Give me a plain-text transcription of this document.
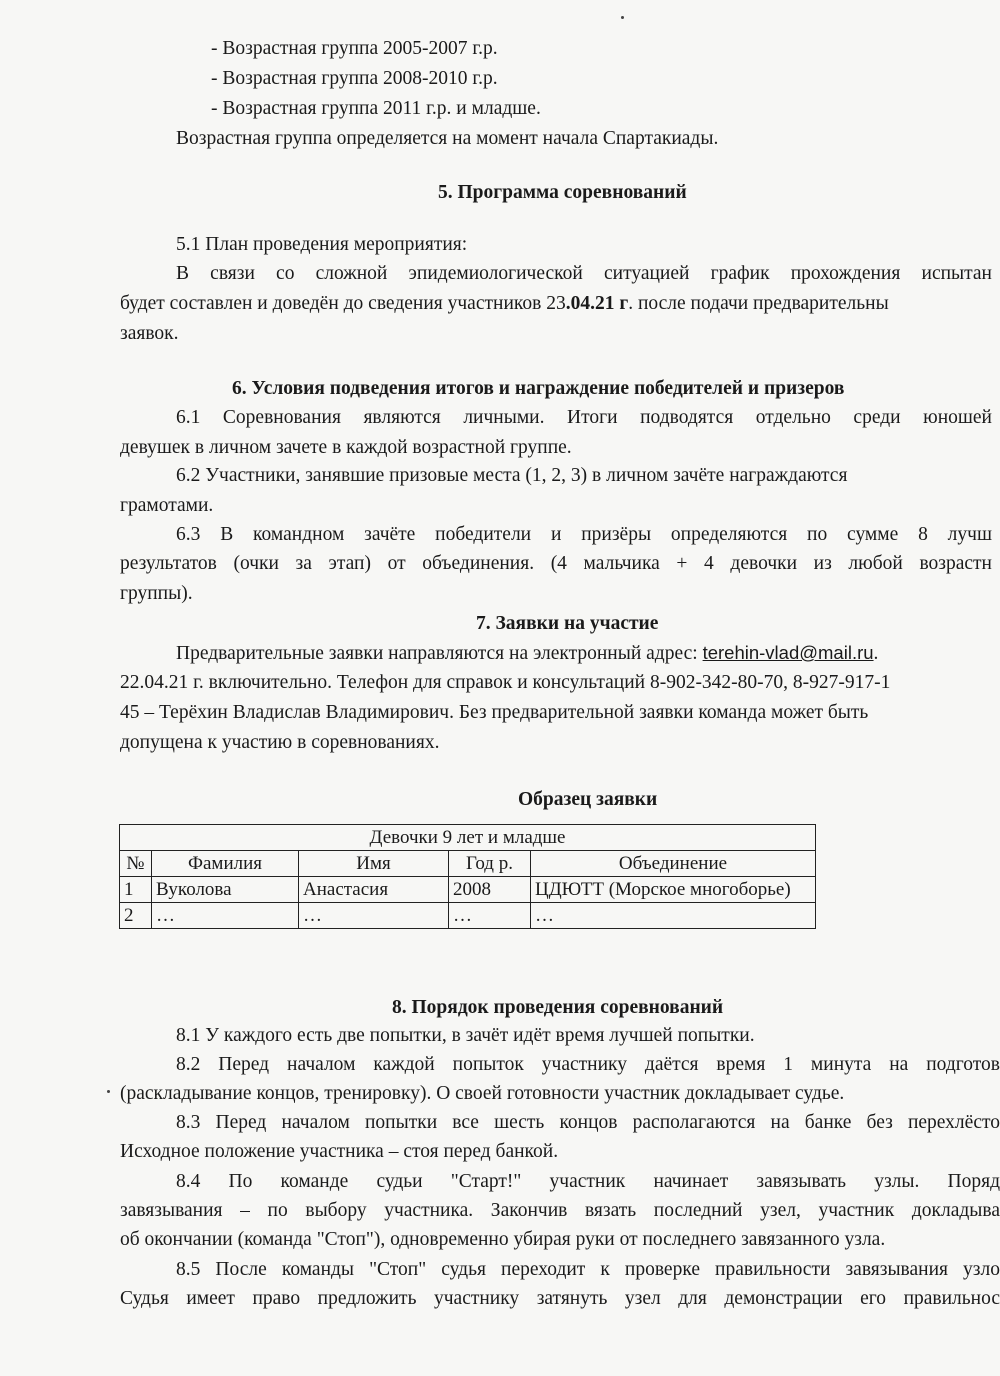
- Возрастная группа 2005-2007 г.р.
- Возрастная группа 2008-2010 г.р.
- Возрастная группа 2011 г.р. и младше.
Возрастная группа определяется на момент начала Спартакиады.
5. Программа соревнований
5.1 План проведения мероприятия:
В связи со сложной эпидемиологической ситуацией график прохождения испытан
будет составлен и доведён до сведения участников 23.04.21 г. после подачи предварительны
заявок.
6. Условия подведения итогов и награждение победителей и призеров
6.1 Соревнования являются личными. Итоги подводятся отдельно среди юношей
девушек в личном зачете в каждой возрастной группе.
6.2 Участники, занявшие призовые места (1, 2, 3) в личном зачёте награждаются
грамотами.
6.3 В командном зачёте победители и призёры определяются по сумме 8 лучш
результатов (очки за этап) от объединения. (4 мальчика + 4 девочки из любой возрастн
группы).
7. Заявки на участие
Предварительные заявки направляются на электронный адрес: terehin-vlad@mail.ru.
22.04.21 г. включительно. Телефон для справок и консультаций 8-902-342-80-70, 8-927-917-1
45 – Терёхин Владислав Владимирович. Без предварительной заявки команда может быть
допущена к участию в соревнованиях.
Образец заявки
Девочки 9 лет и младше				
№	Фамилия	Имя	Год р.	Объединение
1	Вуколова	Анастасия	2008	ЦДЮТТ (Морское многоборье)
2	…	…	…	…
8. Порядок проведения соревнований
8.1 У каждого есть две попытки, в зачёт идёт время лучшей попытки.
8.2 Перед началом каждой попыток участнику даётся время 1 минута на подготов
(раскладывание концов, тренировку). О своей готовности участник докладывает судье.
8.3 Перед началом попытки все шесть концов располагаются на банке без перехлёсто
Исходное положение участника – стоя перед банкой.
8.4 По команде судьи "Старт!" участник начинает завязывать узлы. Поряд
завязывания – по выбору участника. Закончив вязать последний узел, участник докладыва
об окончании (команда "Стоп"), одновременно убирая руки от последнего завязанного узла.
8.5 После команды "Стоп" судья переходит к проверке правильности завязывания узло
Судья имеет право предложить участнику затянуть узел для демонстрации его правильнос
